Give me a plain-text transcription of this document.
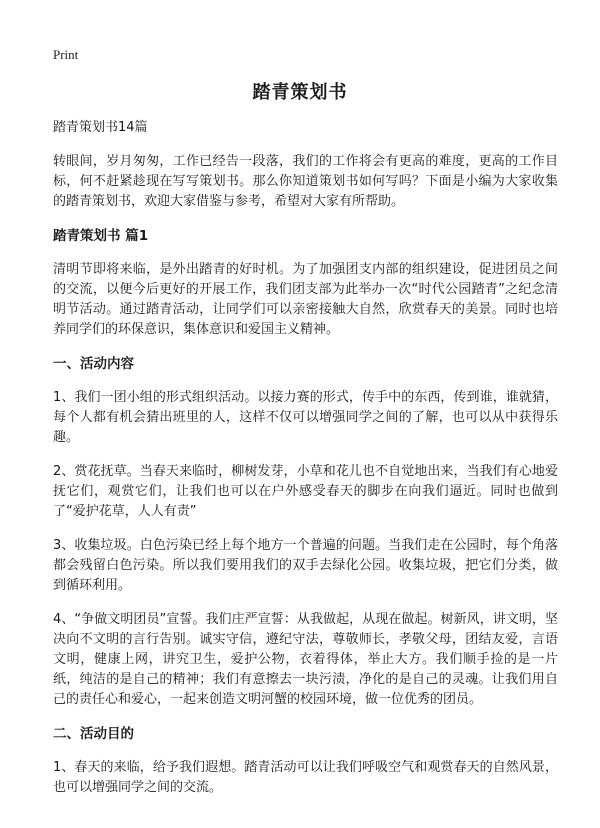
Print
踏青策划书

踏青策划书14篇

转眼间，岁月匆匆，工作已经告一段落，我们的工作将会有更高的难度，更高的工作目标，何不赶紧趁现在写写策划书。那么你知道策划书如何写吗？下面是小编为大家收集的踏青策划书，欢迎大家借鉴与参考，希望对大家有所帮助。

踏青策划书 篇1

清明节即将来临，是外出踏青的好时机。为了加强团支内部的组织建设，促进团员之间的交流，以便今后更好的开展工作，我们团支部为此举办一次“时代公园踏青”之纪念清明节活动。通过踏青活动，让同学们可以亲密接触大自然，欣赏春天的美景。同时也培养同学们的环保意识，集体意识和爱国主义精神。

一、活动内容

1、我们一团小组的形式组织活动。以接力赛的形式，传手中的东西，传到谁，谁就猜，每个人都有机会猜出班里的人，这样不仅可以增强同学之间的了解，也可以从中获得乐趣。

2、赏花抚草。当春天来临时，柳树发芽，小草和花儿也不自觉地出来，当我们有心地爱抚它们，观赏它们，让我们也可以在户外感受春天的脚步在向我们逼近。同时也做到了“爱护花草，人人有责”

3、收集垃圾。白色污染已经上每个地方一个普遍的问题。当我们走在公园时，每个角落都会残留白色污染。所以我们要用我们的双手去绿化公园。收集垃圾，把它们分类，做到循环利用。

4、“争做文明团员”宣誓。我们庄严宣誓：从我做起，从现在做起。树新风，讲文明，坚决向不文明的言行告别。诚实守信，遵纪守法，尊敬师长，孝敬父母，团结友爱，言语文明，健康上网，讲究卫生，爱护公物，衣着得体，举止大方。我们顺手捡的是一片纸，纯洁的是自己的精神；我们有意擦去一块污渍，净化的是自己的灵魂。让我们用自己的责任心和爱心，一起来创造文明河蟹的校园环境，做一位优秀的团员。

二、活动目的

1、春天的来临，给予我们遐想。踏青活动可以让我们呼吸空气和观赏春天的自然风景，也可以增强同学之间的交流。
